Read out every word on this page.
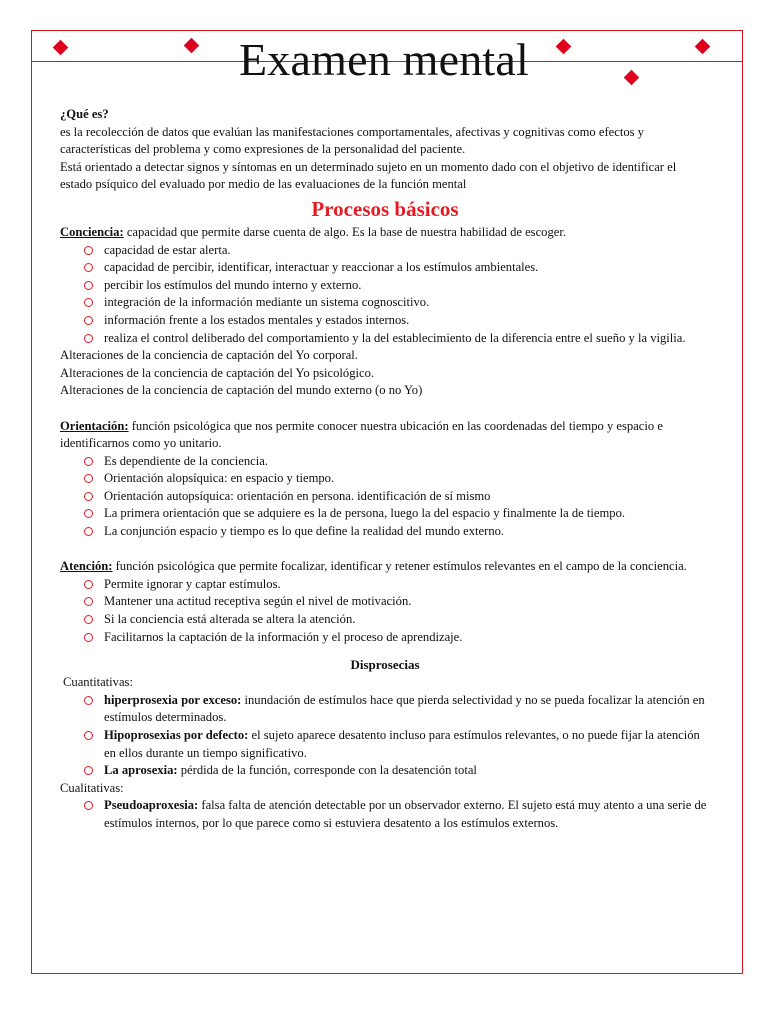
Examen mental

¿Qué es?

es la recolección de datos que evalúan las manifestaciones comportamentales, afectivas y cognitivas como efectos y características del problema y como expresiones de la personalidad del paciente.

Está orientado a detectar signos y síntomas en un determinado sujeto en un momento dado con el objetivo de identificar el estado psíquico del evaluado por medio de las evaluaciones de la función mental

Procesos básicos

Conciencia: capacidad que permite darse cuenta de algo. Es la base de nuestra habilidad de escoger.

capacidad de estar alerta.
capacidad de percibir, identificar, interactuar y reaccionar a los estímulos ambientales.
percibir los estímulos del mundo interno y externo.
integración de la información mediante un sistema cognoscitivo.
información frente a los estados mentales y estados internos.
realiza el control deliberado del comportamiento y la del establecimiento de la diferencia entre el sueño y la vigilia.

Alteraciones de la conciencia de captación del Yo corporal.

Alteraciones de la conciencia de captación del Yo psicológico.

Alteraciones de la conciencia de captación del mundo externo (o no Yo)

Orientación: función psicológica que nos permite conocer nuestra ubicación en las coordenadas del tiempo y espacio e identificarnos como yo unitario.

Es dependiente de la conciencia.
Orientación alopsíquica: en espacio y tiempo.
Orientación autopsíquica: orientación en persona. identificación de sí mismo
La primera orientación que se adquiere es la de persona, luego la del espacio y finalmente la de tiempo.
La conjunción espacio y tiempo es lo que define la realidad del mundo externo.

Atención: función psicológica que permite focalizar, identificar y retener estímulos relevantes en el campo de la conciencia.

Permite ignorar y captar estímulos.
Mantener una actitud receptiva según el nivel de motivación.
Si la conciencia está alterada se altera la atención.
Facilitarnos la captación de la información y el proceso de aprendizaje.

Disprosecias

Cuantitativas:

hiperprosexia por exceso: inundación de estímulos hace que pierda selectividad y no se pueda focalizar la atención en estímulos determinados.
Hipoprosexias por defecto: el sujeto aparece desatento incluso para estímulos relevantes, o no puede fijar la atención en ellos durante un tiempo significativo.
La aprosexia: pérdida de la función, corresponde con la desatención total

Cualitativas:

Pseudoaproxesia: falsa falta de atención detectable por un observador externo. El sujeto está muy atento a una serie de estímulos internos, por lo que parece como si estuviera desatento a los estímulos externos.
